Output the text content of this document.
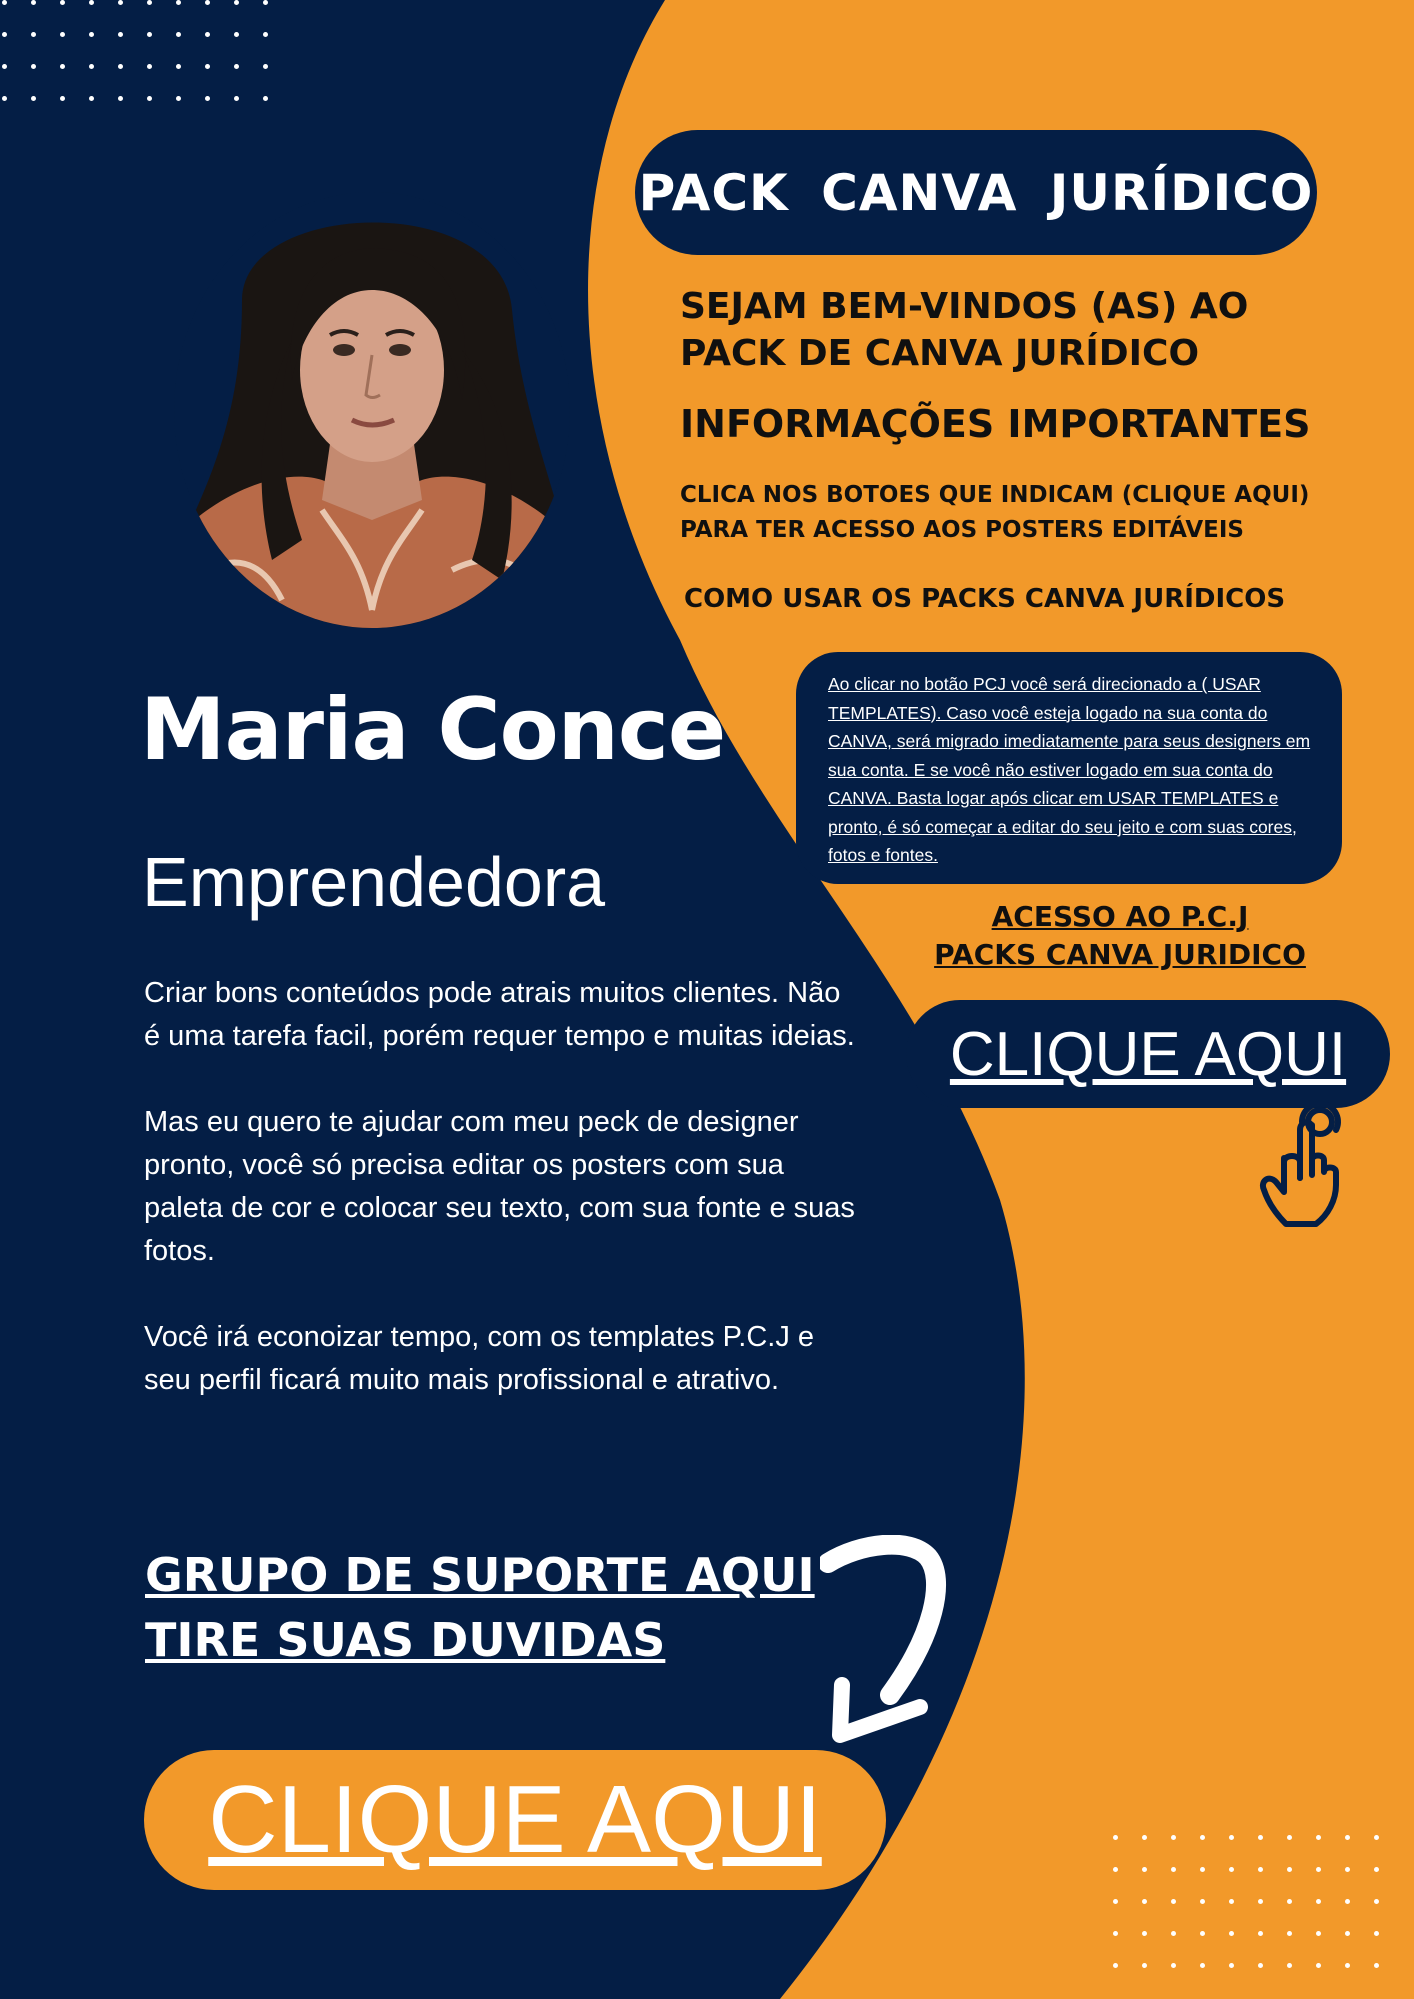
PACK CANVA JURÍDICO
SEJAM BEM-VINDOS (AS) AO
PACK DE CANVA JURÍDICO
INFORMAÇÕES IMPORTANTES
CLICA NOS BOTOES QUE INDICAM (CLIQUE AQUI)
PARA TER ACESSO AOS POSTERS EDITÁVEIS
COMO USAR OS PACKS CANVA JURÍDICOS
Ao clicar no botão PCJ você será direcionado a ( USAR TEMPLATES). Caso você esteja logado na sua conta do CANVA, será migrado imediatamente para seus designers em sua conta. E se você não estiver logado em sua conta do CANVA. Basta logar após clicar em USAR TEMPLATES e pronto, é só começar a editar do seu jeito e com suas cores, fotos e fontes.
ACESSO AO P.C.J
PACKS CANVA JURIDICO
CLIQUE AQUI
Maria Conce
Emprendedora

Criar bons conteúdos pode atrais muitos clientes. Não é uma tarefa facil, porém requer tempo e muitas ideias.

Mas eu quero te ajudar com meu peck de designer pronto, você só precisa editar os posters com sua paleta de cor e colocar seu texto, com sua fonte e suas fotos.

Você irá econoizar tempo, com os templates P.C.J e seu perfil ficará muito mais profissional e atrativo.

GRUPO DE SUPORTE AQUI
TIRE SUAS DUVIDAS
CLIQUE AQUI
